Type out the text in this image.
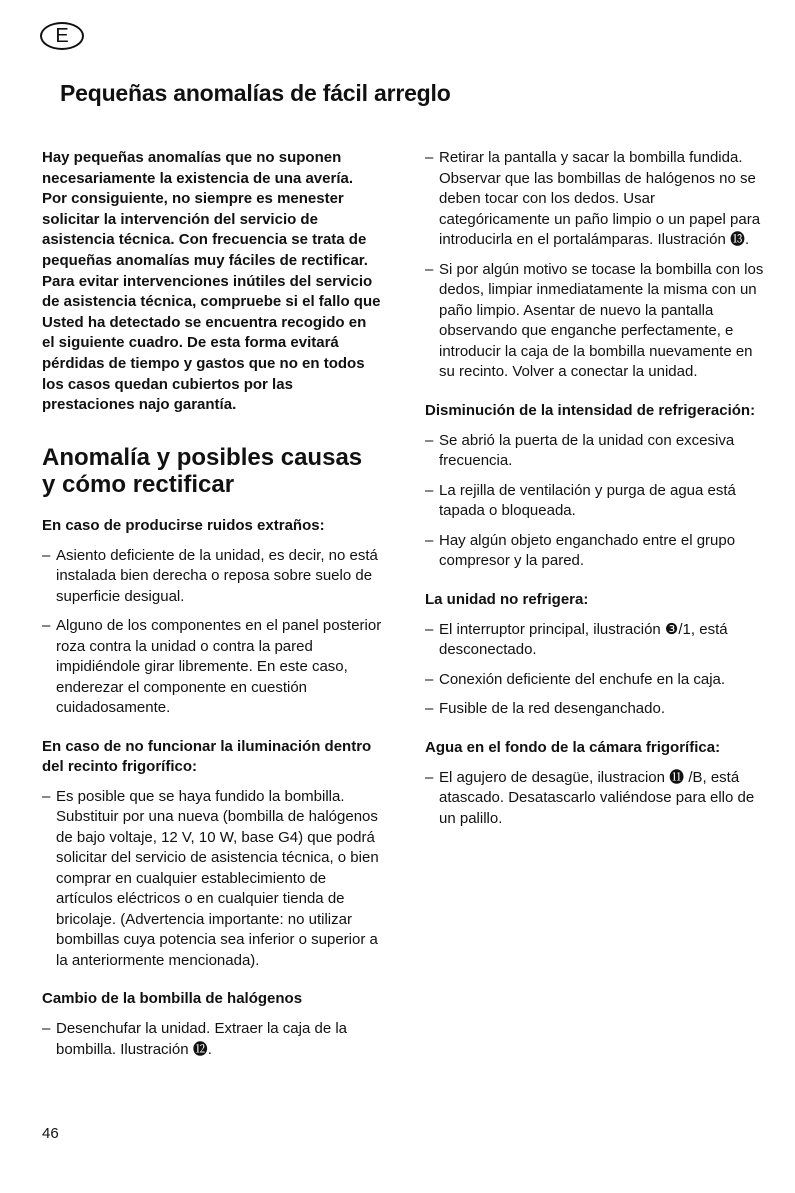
E
Pequeñas anomalías de fácil arreglo

Hay pequeñas anomalías que no suponen necesariamente la existencia de una avería. Por consiguiente, no siempre es menester solicitar la intervención del servicio de asistencia técnica. Con frecuencia se trata de pequeñas anomalías muy fáciles de rectificar. Para evitar intervenciones inútiles del servicio de asistencia técnica, compruebe si el fallo que Usted ha detectado se encuentra recogido en el siguiente cuadro. De esta forma evitará pérdidas de tiempo y gastos que no en todos los casos quedan cubiertos por las prestaciones najo garantía.

Anomalía y posibles causas y cómo rectificar
En caso de producirse ruidos extraños:
– Asiento deficiente de la unidad, es decir, no está instalada bien derecha o reposa sobre suelo de superficie desigual.
– Alguno de los componentes en el panel posterior roza contra la unidad o contra la pared impidiéndole girar libremente. En este caso, enderezar el componente en cuestión cuidadosamente.
En caso de no funcionar la iluminación dentro del recinto frigorífico:
– Es posible que se haya fundido la bombilla. Substituir por una nueva (bombilla de halógenos de bajo voltaje, 12 V, 10 W, base G4) que podrá solicitar del servicio de asistencia técnica, o bien comprar en cualquier establecimiento de artículos eléctricos o en cualquier tienda de bricolaje. (Advertencia importante: no utilizar bombillas cuya potencia sea inferior o superior a la anteriormente mencionada).
Cambio de la bombilla de halógenos
– Desenchufar la unidad. Extraer la caja de la bombilla. Ilustración ⓬.
– Retirar la pantalla y sacar la bombilla fundida. Observar que las bombillas de halógenos no se deben tocar con los dedos. Usar categóricamente un paño limpio o un papel para introducirla en el portalámparas. Ilustración ⓭.
– Si por algún motivo se tocase la bombilla con los dedos, limpiar inmediatamente la misma con un paño limpio. Asentar de nuevo la pantalla observando que enganche perfectamente, e introducir la caja de la bombilla nuevamente en su recinto. Volver a conectar la unidad.
Disminución de la intensidad de refrigeración:
– Se abrió la puerta de la unidad con excesiva frecuencia.
– La rejilla de ventilación y purga de agua está tapada o bloqueada.
– Hay algún objeto enganchado entre el grupo compresor y la pared.
La unidad no refrigera:
– El interruptor principal, ilustración ❸/1, está desconectado.
– Conexión deficiente del enchufe en la caja.
– Fusible de la red desenganchado.
Agua en el fondo de la cámara frigorífica:
– El agujero de desagüe, ilustracion ⓫ /B, está atascado. Desatascarlo valiéndose para ello de un palillo.
46
